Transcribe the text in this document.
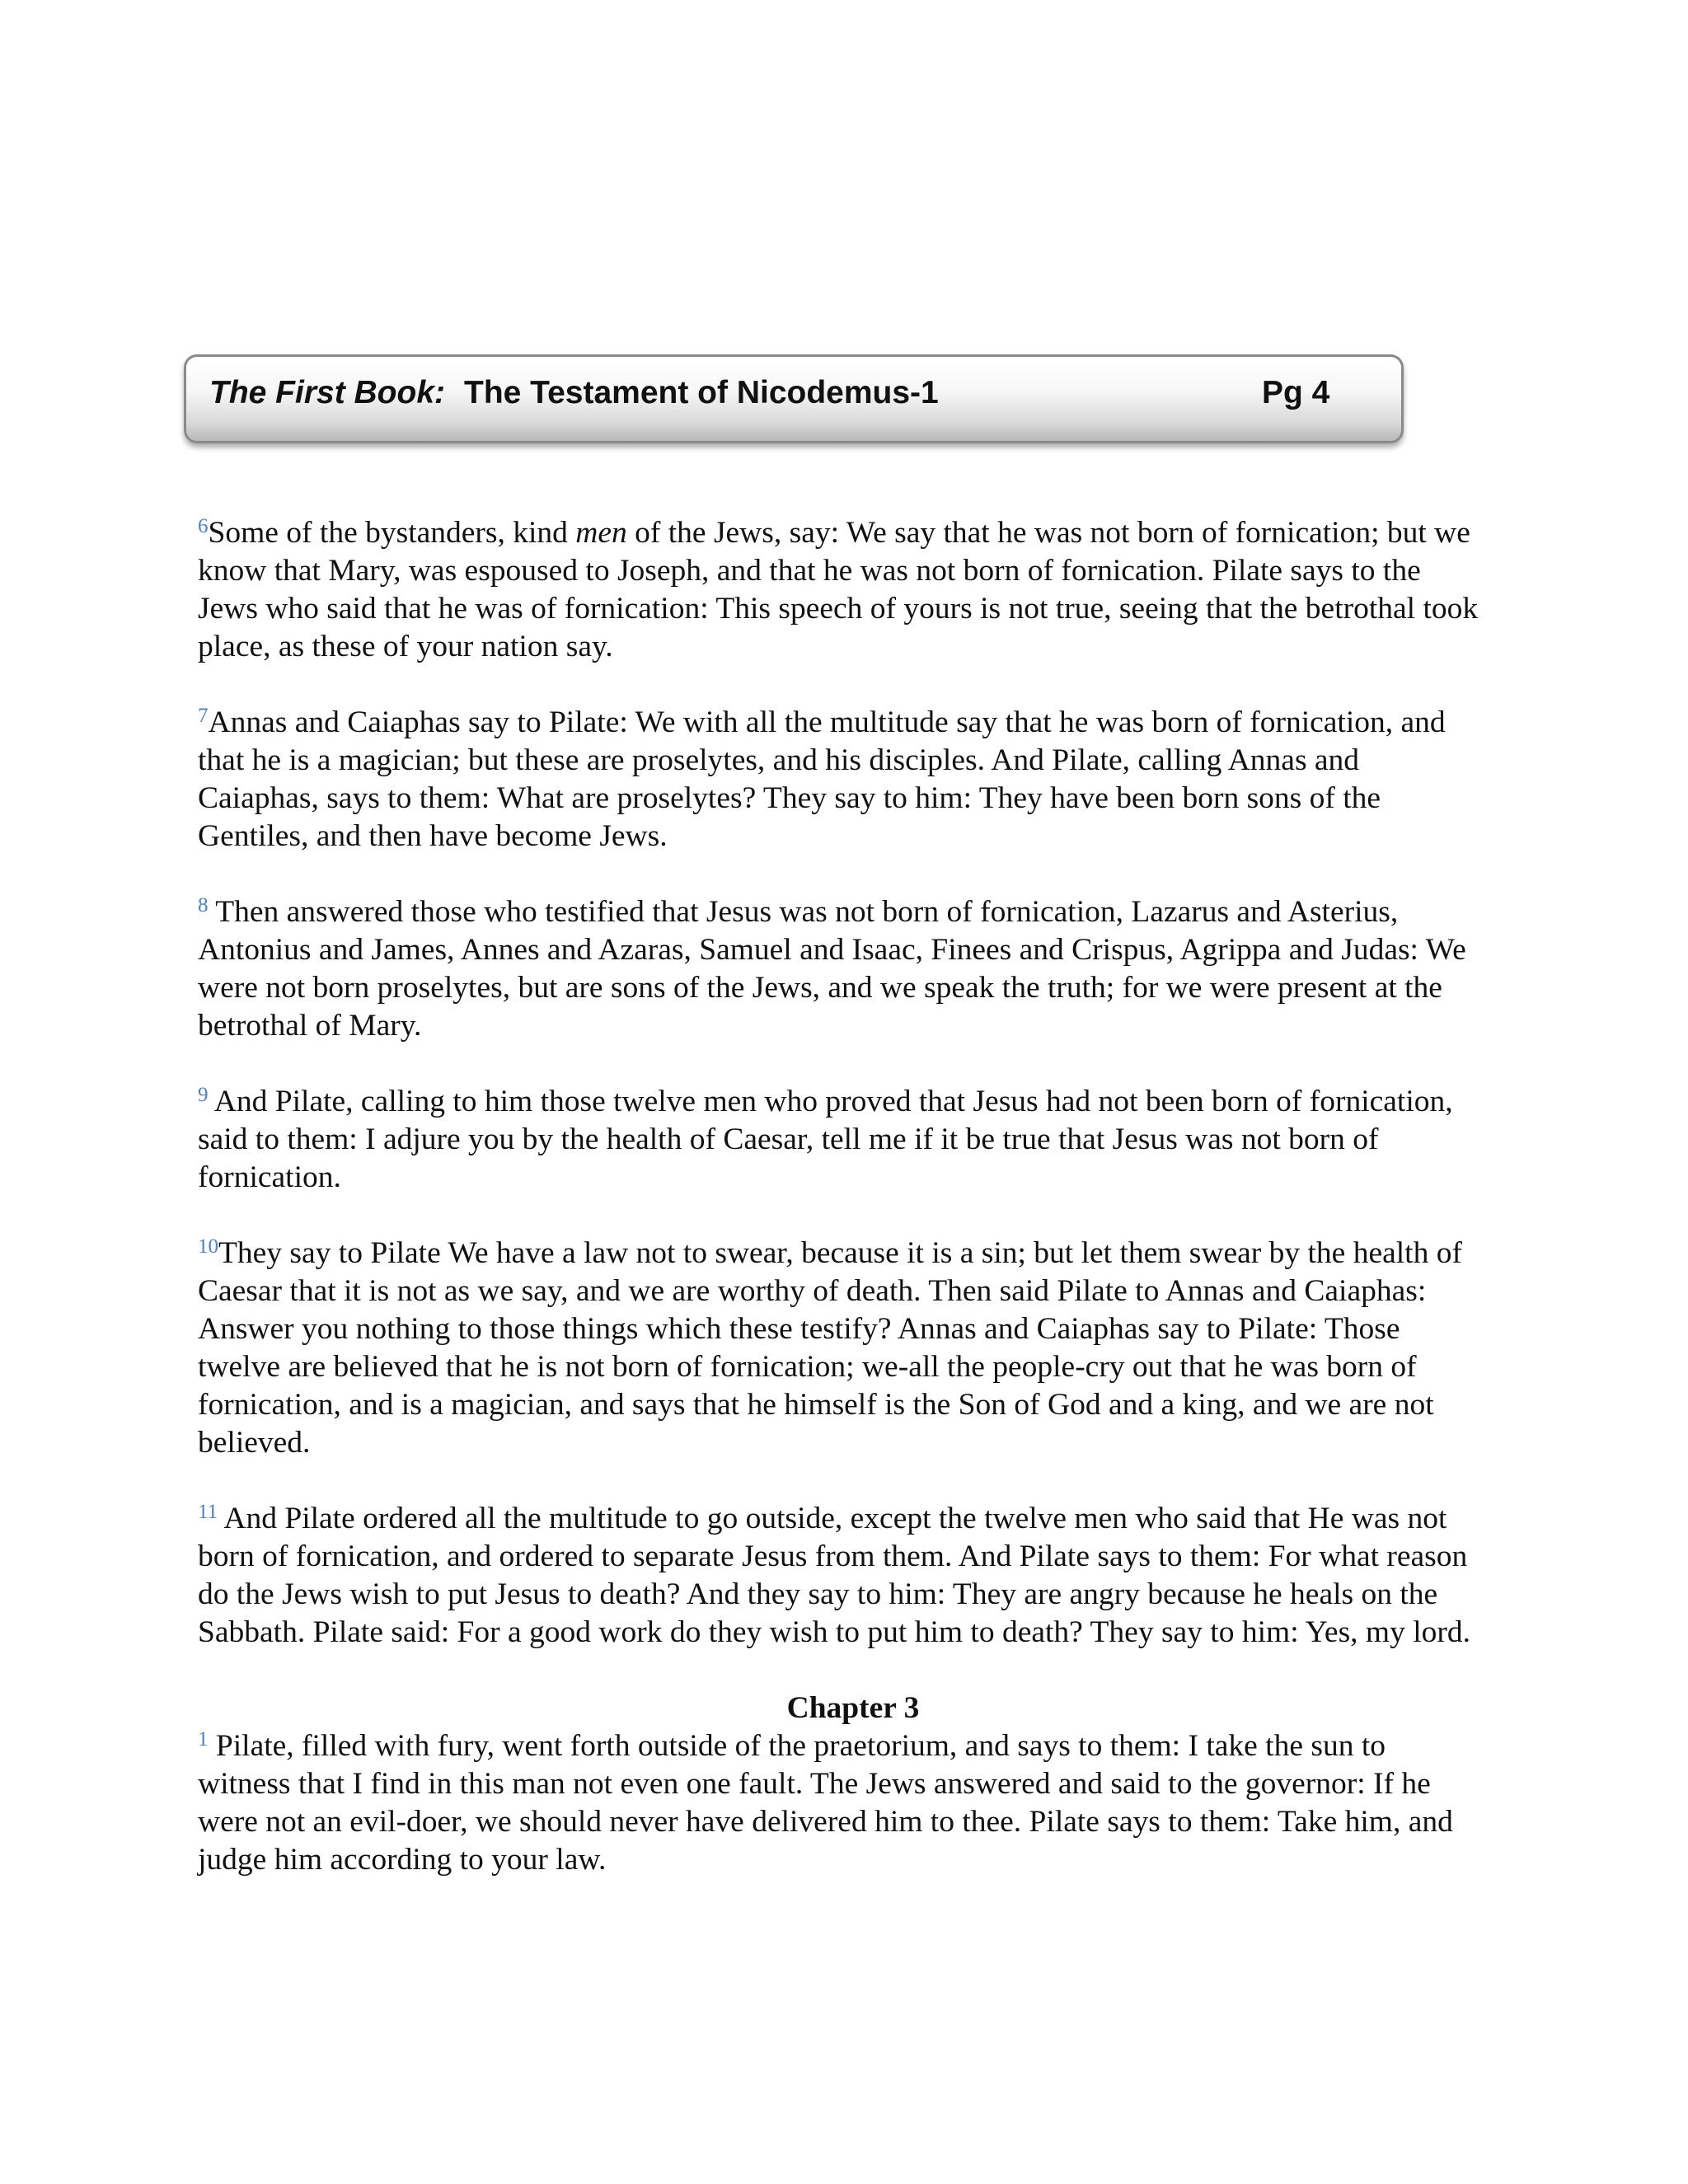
The First Book: The Testament of Nicodemus-1	Pg 4

$^6$Some of the bystanders, kind men of the Jews, say: We say that he was not born of fornication; but we know that Mary, was espoused to Joseph, and that he was not born of fornication. Pilate says to the Jews who said that he was of fornication: This speech of yours is not true, seeing that the betrothal took place, as these of your nation say.

$^7$Annas and Caiaphas say to Pilate: We with all the multitude say that he was born of fornication, and that he is a magician; but these are proselytes, and his disciples. And Pilate, calling Annas and Caiaphas, says to them: What are proselytes? They say to him: They have been born sons of the Gentiles, and then have become Jews.

$^8$ Then answered those who testified that Jesus was not born of fornication, Lazarus and Asterius, Antonius and James, Annes and Azaras, Samuel and Isaac, Finees and Crispus, Agrippa and Judas: We were not born proselytes, but are sons of the Jews, and we speak the truth; for we were present at the betrothal of Mary.

$^9$ And Pilate, calling to him those twelve men who proved that Jesus had not been born of fornication, said to them: I adjure you by the health of Caesar, tell me if it be true that Jesus was not born of fornication.

$^{10}$They say to Pilate We have a law not to swear, because it is a sin; but let them swear by the health of Caesar that it is not as we say, and we are worthy of death. Then said Pilate to Annas and Caiaphas: Answer you nothing to those things which these testify? Annas and Caiaphas say to Pilate: Those twelve are believed that he is not born of fornication; we-all the people-cry out that he was born of fornication, and is a magician, and says that he himself is the Son of God and a king, and we are not believed.

$^{11}$ And Pilate ordered all the multitude to go outside, except the twelve men who said that He was not born of fornication, and ordered to separate Jesus from them. And Pilate says to them: For what reason do the Jews wish to put Jesus to death? And they say to him: They are angry because he heals on the Sabbath. Pilate said: For a good work do they wish to put him to death? They say to him: Yes, my lord.

Chapter 3

$^1$ Pilate, filled with fury, went forth outside of the praetorium, and says to them: I take the sun to witness that I find in this man not even one fault. The Jews answered and said to the governor: If he were not an evil-doer, we should never have delivered him to thee. Pilate says to them: Take him, and judge him according to your law.
